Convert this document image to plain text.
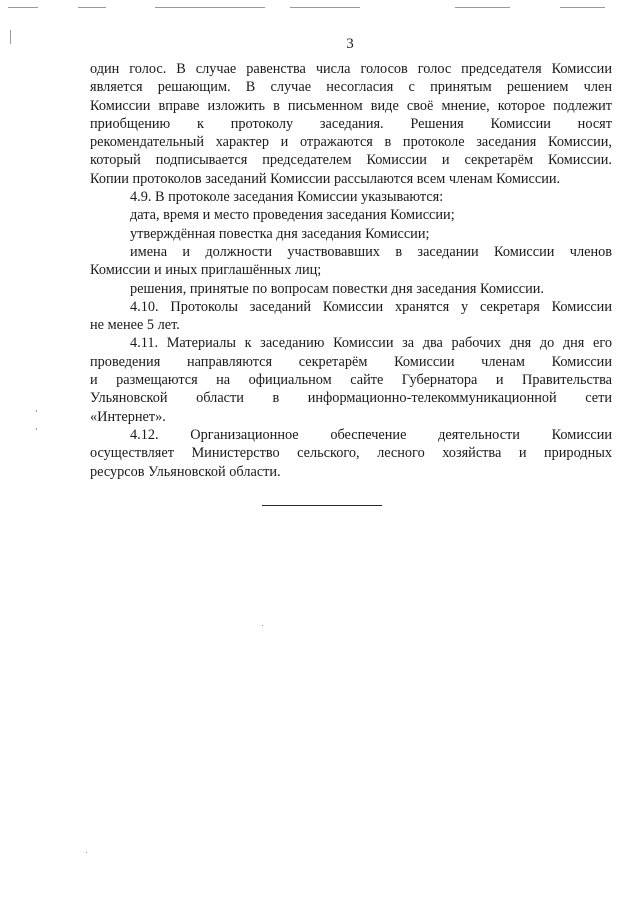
3
один голос. В случае равенства числа голосов голос председателя Комиссии
является решающим. В случае несогласия с принятым решением член
Комиссии вправе изложить в письменном виде своё мнение, которое подлежит
приобщению к протоколу заседания. Решения Комиссии носят
рекомендательный характер и отражаются в протоколе заседания Комиссии,
который подписывается председателем Комиссии и секретарём Комиссии.
Копии протоколов заседаний Комиссии рассылаются всем членам Комиссии.
4.9. В протоколе заседания Комиссии указываются:
дата, время и место проведения заседания Комиссии;
утверждённая повестка дня заседания Комиссии;
имена и должности участвовавших в заседании Комиссии членов
Комиссии и иных приглашённых лиц;
решения, принятые по вопросам повестки дня заседания Комиссии.
4.10. Протоколы заседаний Комиссии хранятся у секретаря Комиссии
не менее 5 лет.
4.11. Материалы к заседанию Комиссии за два рабочих дня до дня его
проведения направляются секретарём Комиссии членам Комиссии
и размещаются на официальном сайте Губернатора и Правительства
Ульяновской области в информационно-телекоммуникационной сети
«Интернет».
4.12. Организационное обеспечение деятельности Комиссии
осуществляет Министерство сельского, лесного хозяйства и природных
ресурсов Ульяновской области.
